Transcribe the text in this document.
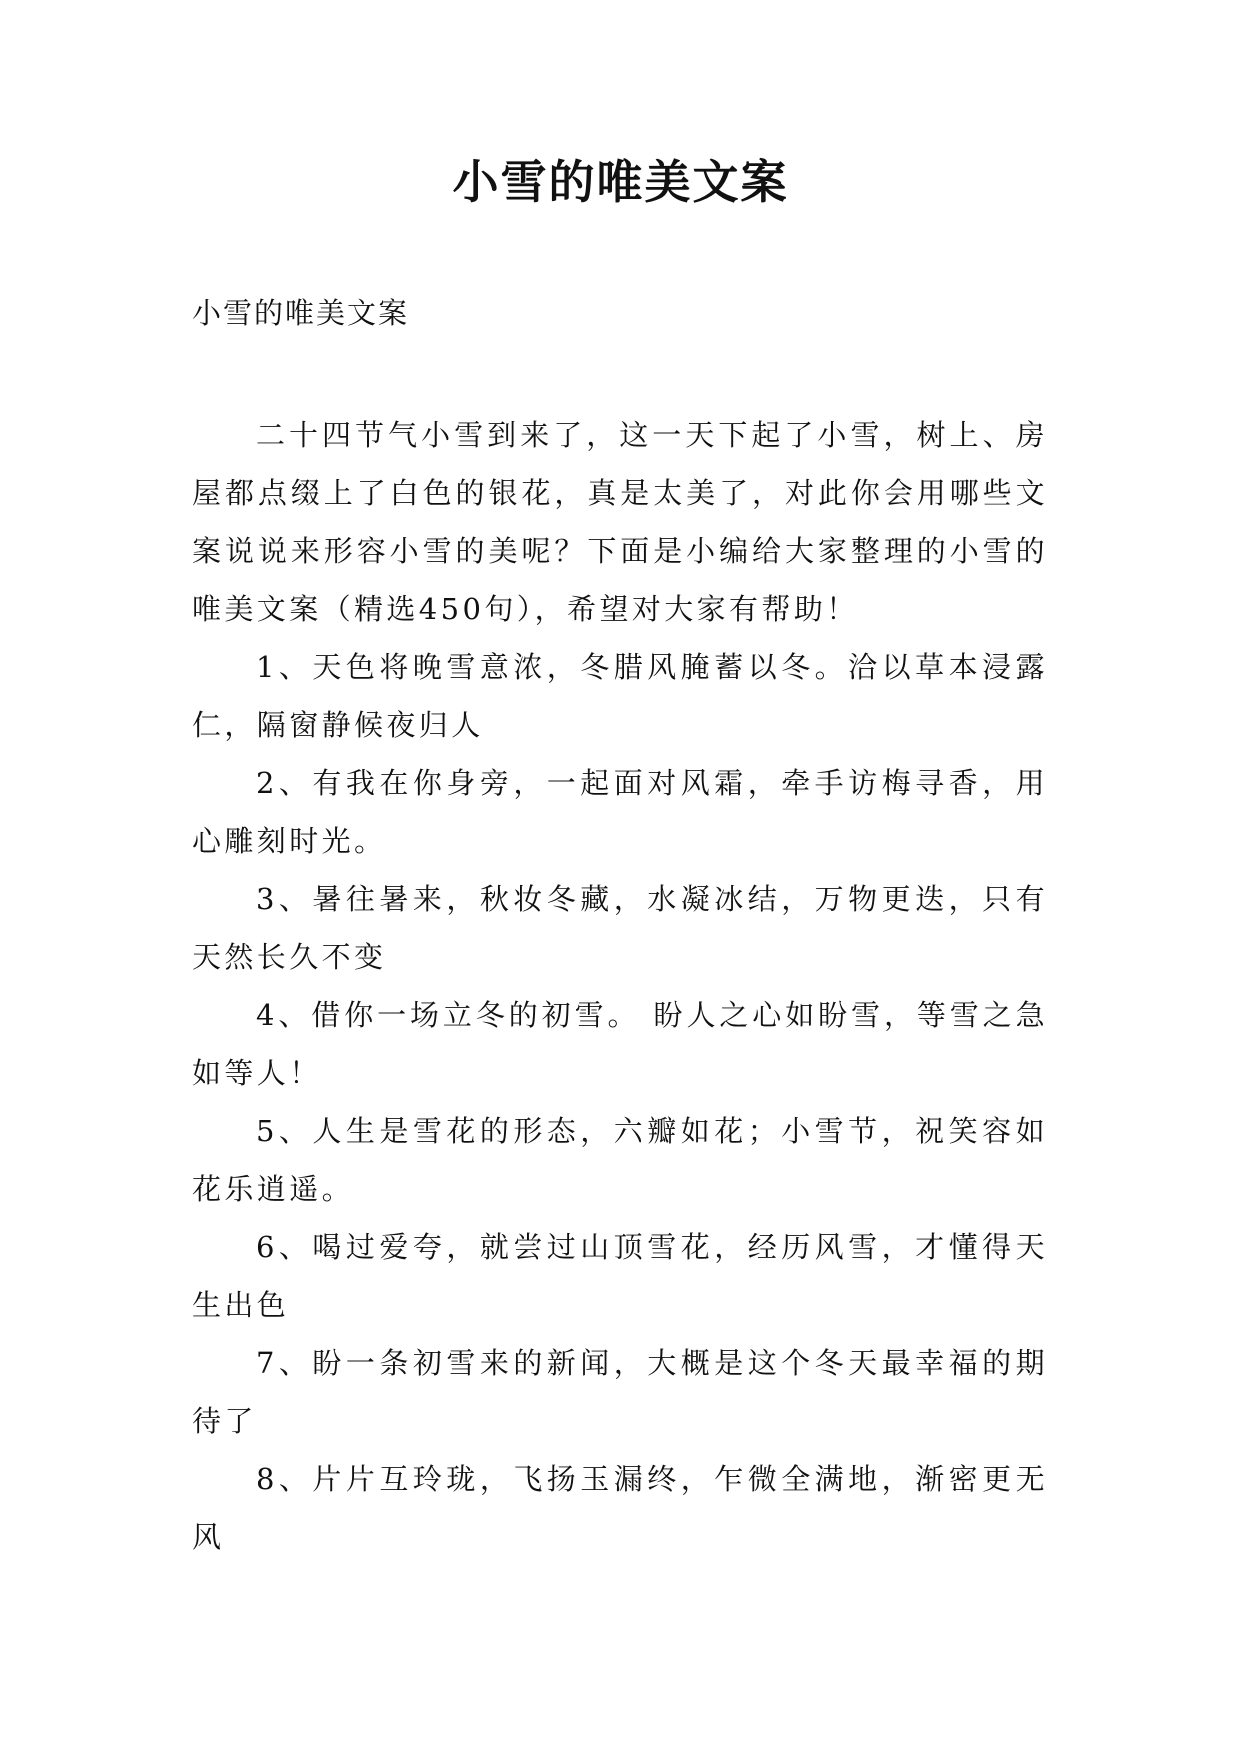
小雪的唯美文案

小雪的唯美文案

二十四节气小雪到来了，这一天下起了小雪，树上、房屋都点缀上了白色的银花，真是太美了，对此你会用哪些文案说说来形容小雪的美呢？下面是小编给大家整理的小雪的唯美文案（精选450句），希望对大家有帮助！

1、天色将晚雪意浓，冬腊风腌蓄以冬。洽以草本浸露仁，隔窗静候夜归人

2、有我在你身旁，一起面对风霜，牵手访梅寻香，用心雕刻时光。

3、暑往暑来，秋妆冬藏，水凝冰结，万物更迭，只有天然长久不变

4、借你一场立冬的初雪。 盼人之心如盼雪，等雪之急如等人！

5、人生是雪花的形态，六瓣如花；小雪节，祝笑容如花乐逍遥。

6、喝过爱夸，就尝过山顶雪花，经历风雪，才懂得天生出色

7、盼一条初雪来的新闻，大概是这个冬天最幸福的期待了

8、片片互玲珑，飞扬玉漏终，乍微全满地，渐密更无风
